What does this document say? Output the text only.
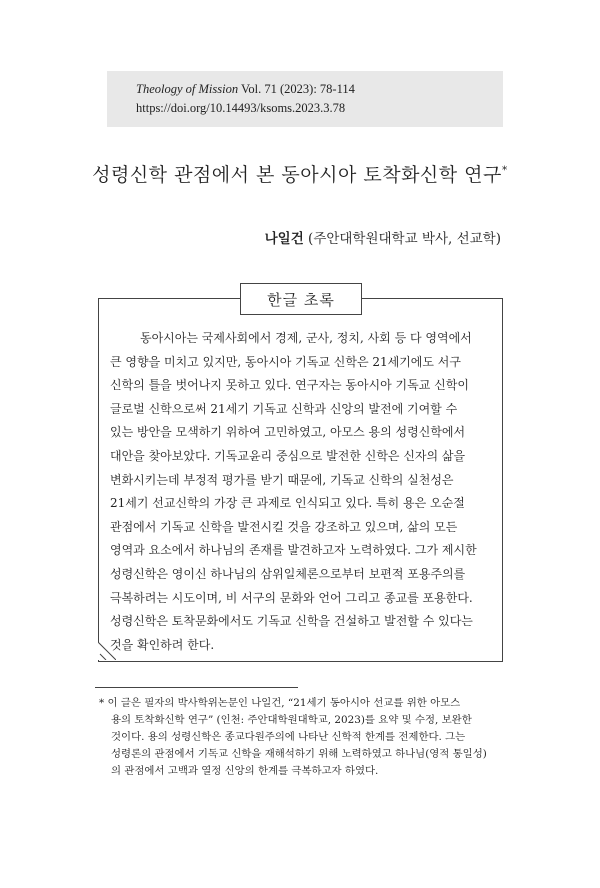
Theology of Mission Vol. 71 (2023): 78-114
https://doi.org/10.14493/ksoms.2023.3.78
성령신학 관점에서 본 동아시아 토착화신학 연구*
나일건 (주안대학원대학교 박사, 선교학)
한글 초록
동아시아는 국제사회에서 경제, 군사, 정치, 사회 등 다 영역에서
큰 영향을 미치고 있지만, 동아시아 기독교 신학은 21세기에도 서구
신학의 틀을 벗어나지 못하고 있다. 연구자는 동아시아 기독교 신학이
글로벌 신학으로써 21세기 기독교 신학과 신앙의 발전에 기여할 수
있는 방안을 모색하기 위하여 고민하였고, 아모스 용의 성령신학에서
대안을 찾아보았다. 기독교윤리 중심으로 발전한 신학은 신자의 삶을
변화시키는데 부정적 평가를 받기 때문에, 기독교 신학의 실천성은
21세기 선교신학의 가장 큰 과제로 인식되고 있다. 특히 용은 오순절
관점에서 기독교 신학을 발전시킬 것을 강조하고 있으며, 삶의 모든
영역과 요소에서 하나님의 존재를 발견하고자 노력하였다. 그가 제시한
성령신학은 영이신 하나님의 삼위일체론으로부터 보편적 포용주의를
극복하려는 시도이며, 비 서구의 문화와 언어 그리고 종교를 포용한다.
성령신학은 토착문화에서도 기독교 신학을 건설하고 발전할 수 있다는
것을 확인하려 한다.
* 이 글은 필자의 박사학위논문인 나일건, “21세기 동아시아 선교를 위한 아모스
용의 토착화신학 연구” (인천: 주안대학원대학교, 2023)를 요약 및 수정, 보완한
것이다. 용의 성령신학은 종교다원주의에 나타난 신학적 한계를 전제한다. 그는
성령론의 관점에서 기독교 신학을 재해석하기 위해 노력하였고 하나님(영적 통일성)
의 관점에서 고백과 열정 신앙의 한계를 극복하고자 하였다.
